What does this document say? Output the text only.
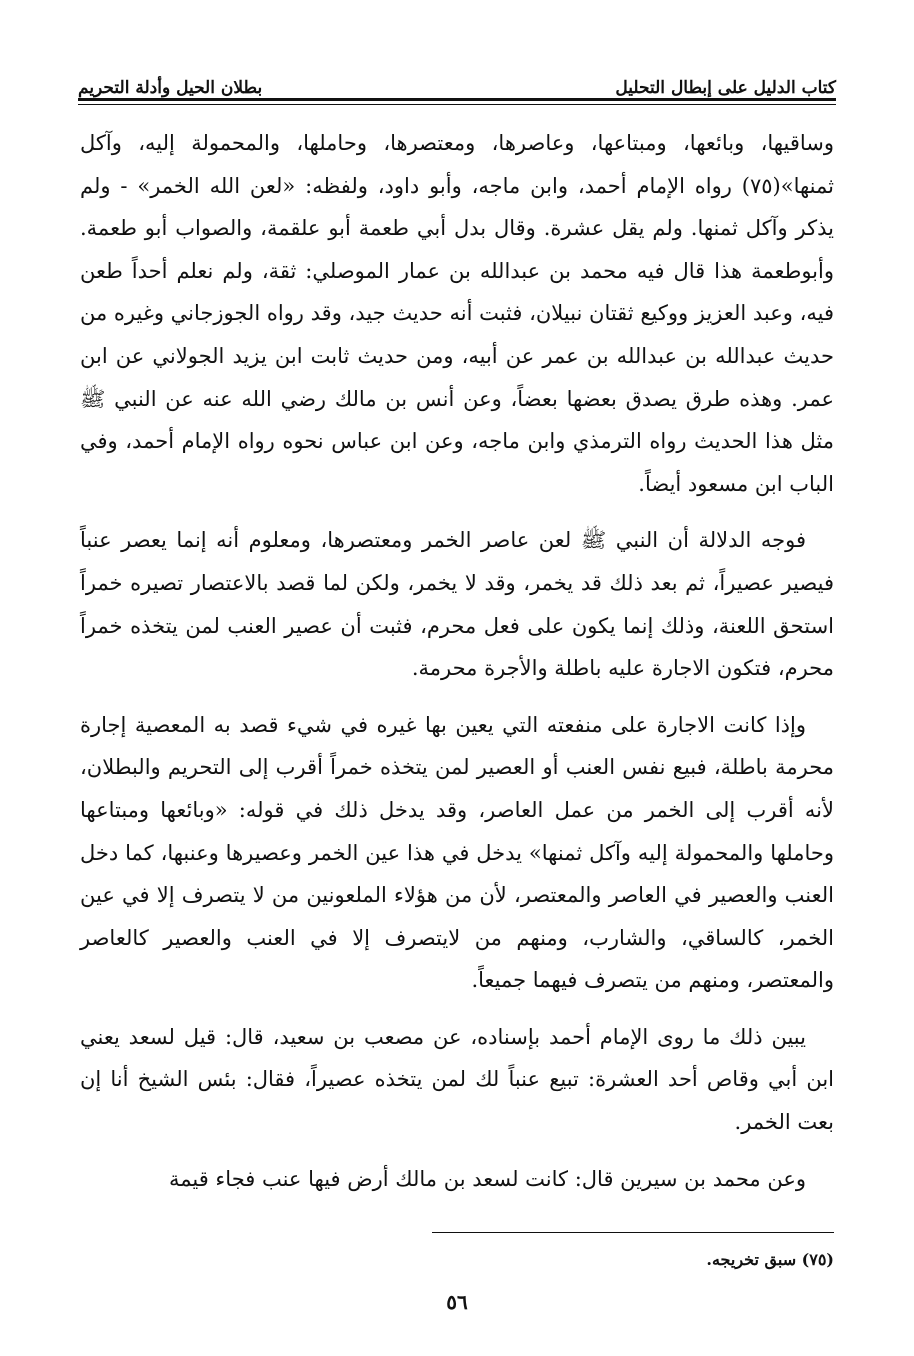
بطلان الحيل وأدلة التحريم	كتاب الدليل على إبطال التحليل

وساقيها، وبائعها، ومبتاعها، وعاصرها، ومعتصرها، وحاملها، والمحمولة إليه، وآكل ثمنها»(٧٥) رواه الإمام أحمد، وابن ماجه، وأبو داود، ولفظه: «لعن الله الخمر» - ولم يذكر وآكل ثمنها. ولم يقل عشرة. وقال بدل أبي طعمة أبو علقمة، والصواب أبو طعمة. وأبوطعمة هذا قال فيه محمد بن عبدالله بن عمار الموصلي: ثقة، ولم نعلم أحداً طعن فيه، وعبد العزيز ووكيع ثقتان نبيلان، فثبت أنه حديث جيد، وقد رواه الجوزجاني وغيره من حديث عبدالله بن عبدالله بن عمر عن أبيه، ومن حديث ثابت ابن يزيد الجولاني عن ابن عمر. وهذه طرق يصدق بعضها بعضاً، وعن أنس بن مالك رضي الله عنه عن النبي ﷺ مثل هذا الحديث رواه الترمذي وابن ماجه، وعن ابن عباس نحوه رواه الإمام أحمد، وفي الباب ابن مسعود أيضاً.

فوجه الدلالة أن النبي ﷺ لعن عاصر الخمر ومعتصرها، ومعلوم أنه إنما يعصر عنباً فيصير عصيراً، ثم بعد ذلك قد يخمر، وقد لا يخمر، ولكن لما قصد بالاعتصار تصيره خمراً استحق اللعنة، وذلك إنما يكون على فعل محرم، فثبت أن عصير العنب لمن يتخذه خمراً محرم، فتكون الاجارة عليه باطلة والأجرة محرمة.

وإذا كانت الاجارة على منفعته التي يعين بها غيره في شيء قصد به المعصية إجارة محرمة باطلة، فبيع نفس العنب أو العصير لمن يتخذه خمراً أقرب إلى التحريم والبطلان، لأنه أقرب إلى الخمر من عمل العاصر، وقد يدخل ذلك في قوله: «وبائعها ومبتاعها وحاملها والمحمولة إليه وآكل ثمنها» يدخل في هذا عين الخمر وعصيرها وعنبها، كما دخل العنب والعصير في العاصر والمعتصر، لأن من هؤلاء الملعونين من لا يتصرف إلا في عين الخمر، كالساقي، والشارب، ومنهم من لايتصرف إلا في العنب والعصير كالعاصر والمعتصر، ومنهم من يتصرف فيهما جميعاً.

يبين ذلك ما روى الإمام أحمد بإسناده، عن مصعب بن سعيد، قال: قيل لسعد يعني ابن أبي وقاص أحد العشرة: تبيع عنباً لك لمن يتخذه عصيراً، فقال: بئس الشيخ أنا إن بعت الخمر.

وعن محمد بن سيرين قال: كانت لسعد بن مالك أرض فيها عنب فجاء قيمة

(٧٥) سبق تخريجه.
٥٦
